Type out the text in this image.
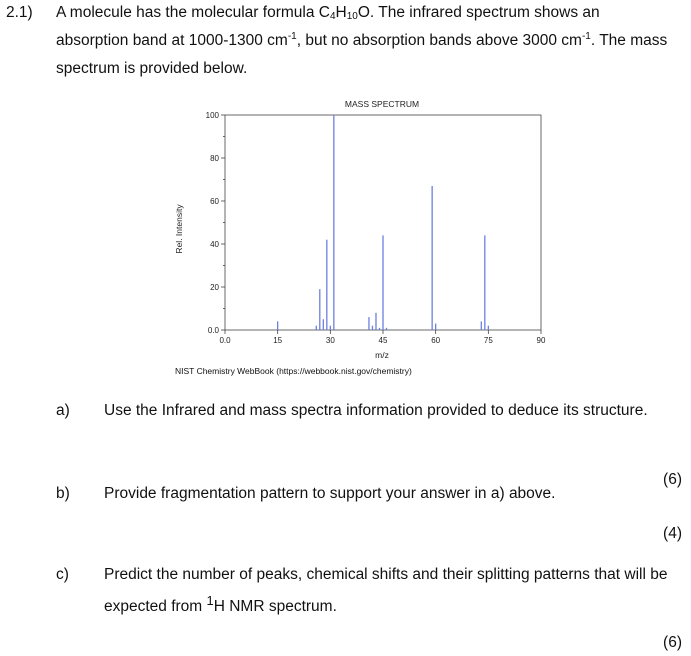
2.1) A molecule has the molecular formula $C_4H_{10}O$. The infrared spectrum shows an
absorption band at 1000-1300 $cm^{-1}$, but no absorption bands above 3000 $cm^{-1}$. The mass
spectrum is provided below.
0.0
20
40
60
80
100
0.0	15	30	45	60	75	90
MASS SPECTRUM
m/z
Rel. Intensity
NIST Chemistry WebBook (https://webbook.nist.gov/chemistry)
a) Use the Infrared and mass spectra information provided to deduce its structure.
(6)
b) Provide fragmentation pattern to support your answer in a) above.
(4)
c) Predict the number of peaks, chemical shifts and their splitting patterns that will be
expected from $^1$H NMR spectrum.
(6)
